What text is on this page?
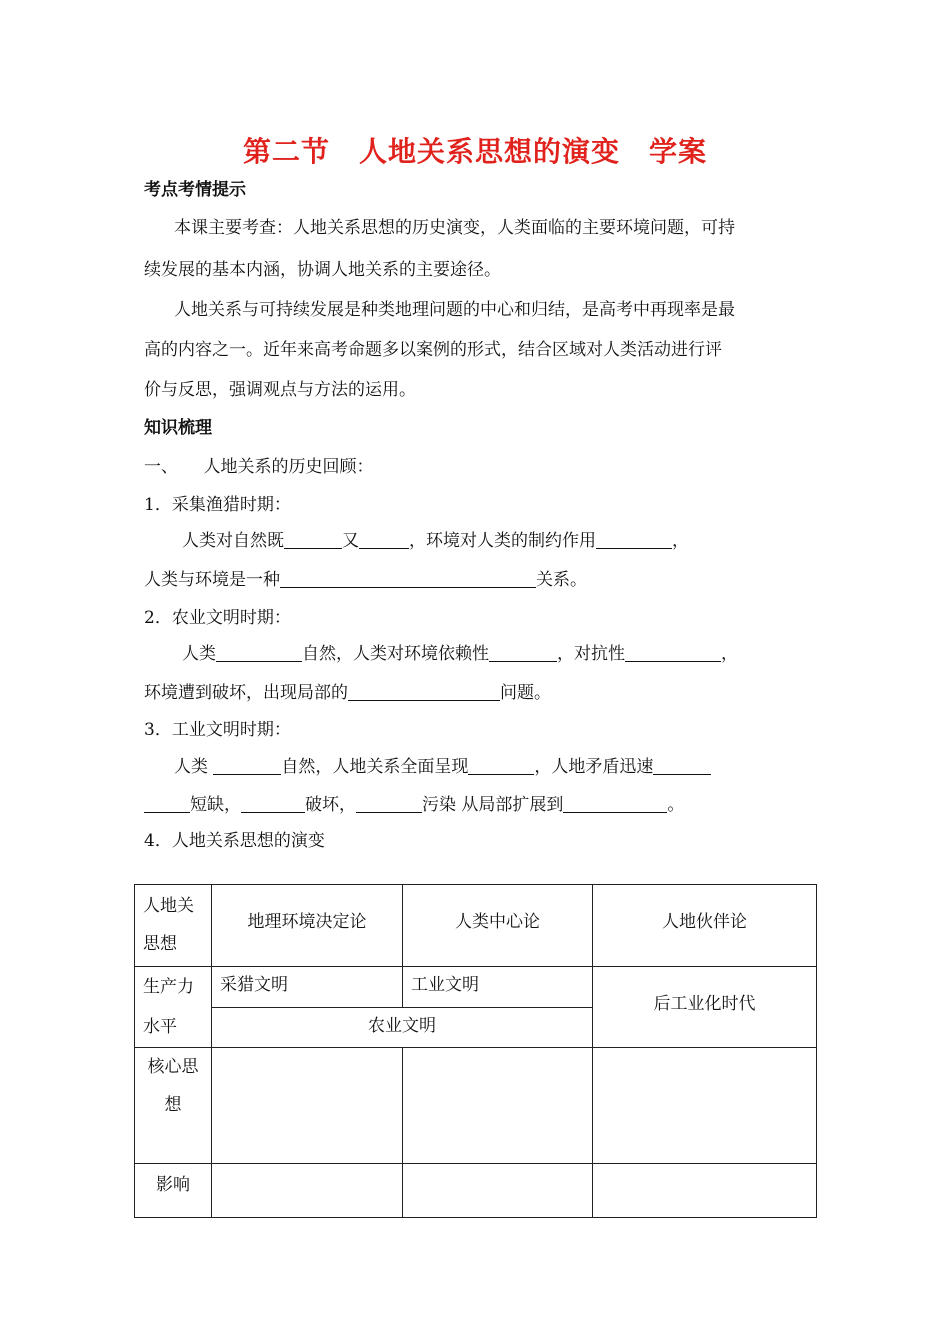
第二节　人地关系思想的演变　学案
考点考情提示
本课主要考查：人地关系思想的历史演变，人类面临的主要环境问题，可持
续发展的基本内涵，协调人地关系的主要途径。
人地关系与可持续发展是种类地理问题的中心和归结，是高考中再现率是最
高的内容之一。近年来高考命题多以案例的形式，结合区域对人类活动进行评
价与反思，强调观点与方法的运用。
知识梳理
一、　　人地关系的历史回顾：
1．采集渔猎时期：
人类对自然既	又	，环境对人类的制约作用	，
人类与环境是一种	关系。
2．农业文明时期：
人类	自然，人类对环境依赖性	，对抗性	，
环境遭到破坏，出现局部的	问题。
3．工业文明时期：
人类	自然，人地关系全面呈现	，人地矛盾迅速
短缺，	破坏，	污染 从局部扩展到	。
4．人地关系思想的演变
人地关思想	地理环境决定论	人类中心论	人地伙伴论

生产力水平	采猎文明	工业文明	后工业化时代

	农业文明		

核心思想			

影响			
